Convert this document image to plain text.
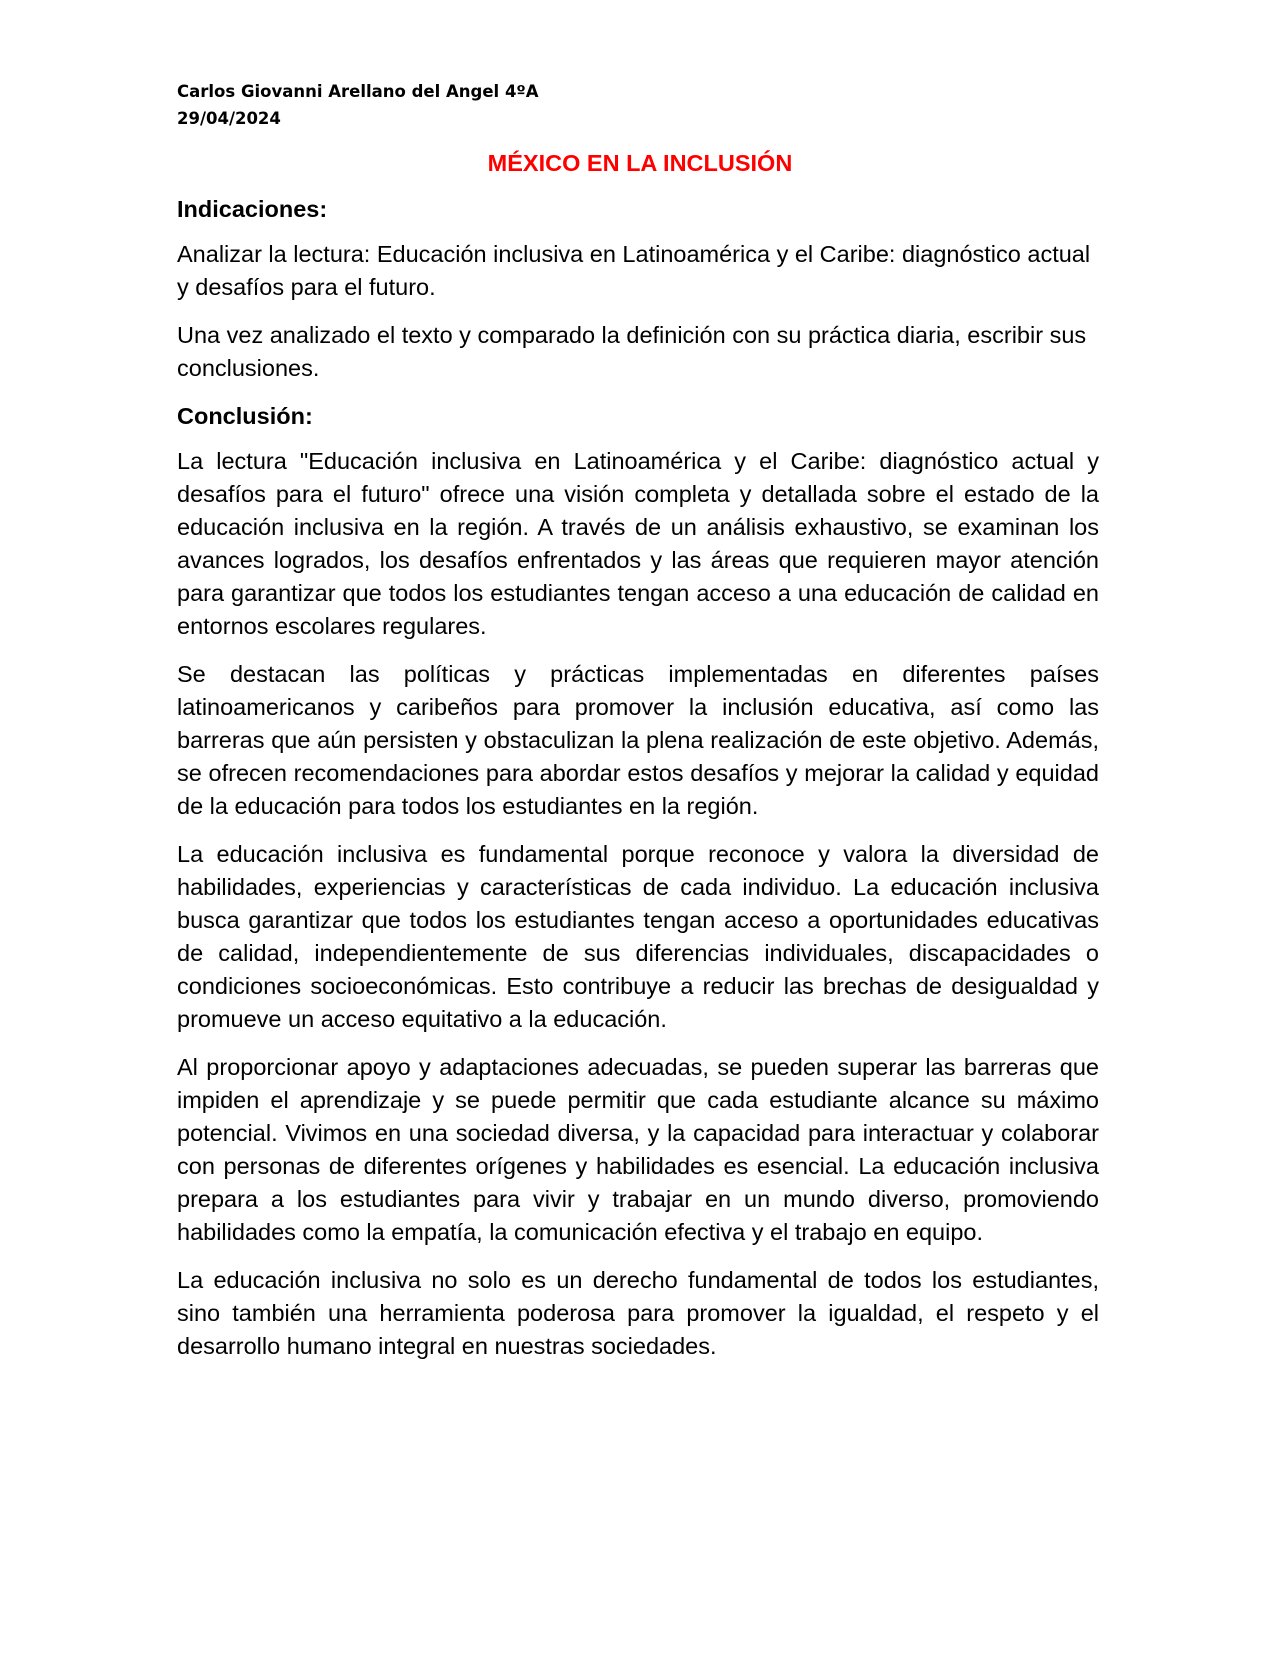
Carlos Giovanni Arellano del Angel 4ºA
29/04/2024
MÉXICO EN LA INCLUSIÓN
Indicaciones:

Analizar la lectura: Educación inclusiva en Latinoamérica y el Caribe: diagnóstico actual y desafíos para el futuro.

Una vez analizado el texto y comparado la definición con su práctica diaria, escribir sus conclusiones.

Conclusión:

La lectura "Educación inclusiva en Latinoamérica y el Caribe: diagnóstico actual y desafíos para el futuro" ofrece una visión completa y detallada sobre el estado de la educación inclusiva en la región. A través de un análisis exhaustivo, se examinan los avances logrados, los desafíos enfrentados y las áreas que requieren mayor atención para garantizar que todos los estudiantes tengan acceso a una educación de calidad en entornos escolares regulares.

Se destacan las políticas y prácticas implementadas en diferentes países latinoamericanos y caribeños para promover la inclusión educativa, así como las barreras que aún persisten y obstaculizan la plena realización de este objetivo. Además, se ofrecen recomendaciones para abordar estos desafíos y mejorar la calidad y equidad de la educación para todos los estudiantes en la región.

La educación inclusiva es fundamental porque reconoce y valora la diversidad de habilidades, experiencias y características de cada individuo. La educación inclusiva busca garantizar que todos los estudiantes tengan acceso a oportunidades educativas de calidad, independientemente de sus diferencias individuales, discapacidades o condiciones socioeconómicas. Esto contribuye a reducir las brechas de desigualdad y promueve un acceso equitativo a la educación.

Al proporcionar apoyo y adaptaciones adecuadas, se pueden superar las barreras que impiden el aprendizaje y se puede permitir que cada estudiante alcance su máximo potencial. Vivimos en una sociedad diversa, y la capacidad para interactuar y colaborar con personas de diferentes orígenes y habilidades es esencial. La educación inclusiva prepara a los estudiantes para vivir y trabajar en un mundo diverso, promoviendo habilidades como la empatía, la comunicación efectiva y el trabajo en equipo.

La educación inclusiva no solo es un derecho fundamental de todos los estudiantes, sino también una herramienta poderosa para promover la igualdad, el respeto y el desarrollo humano integral en nuestras sociedades.
